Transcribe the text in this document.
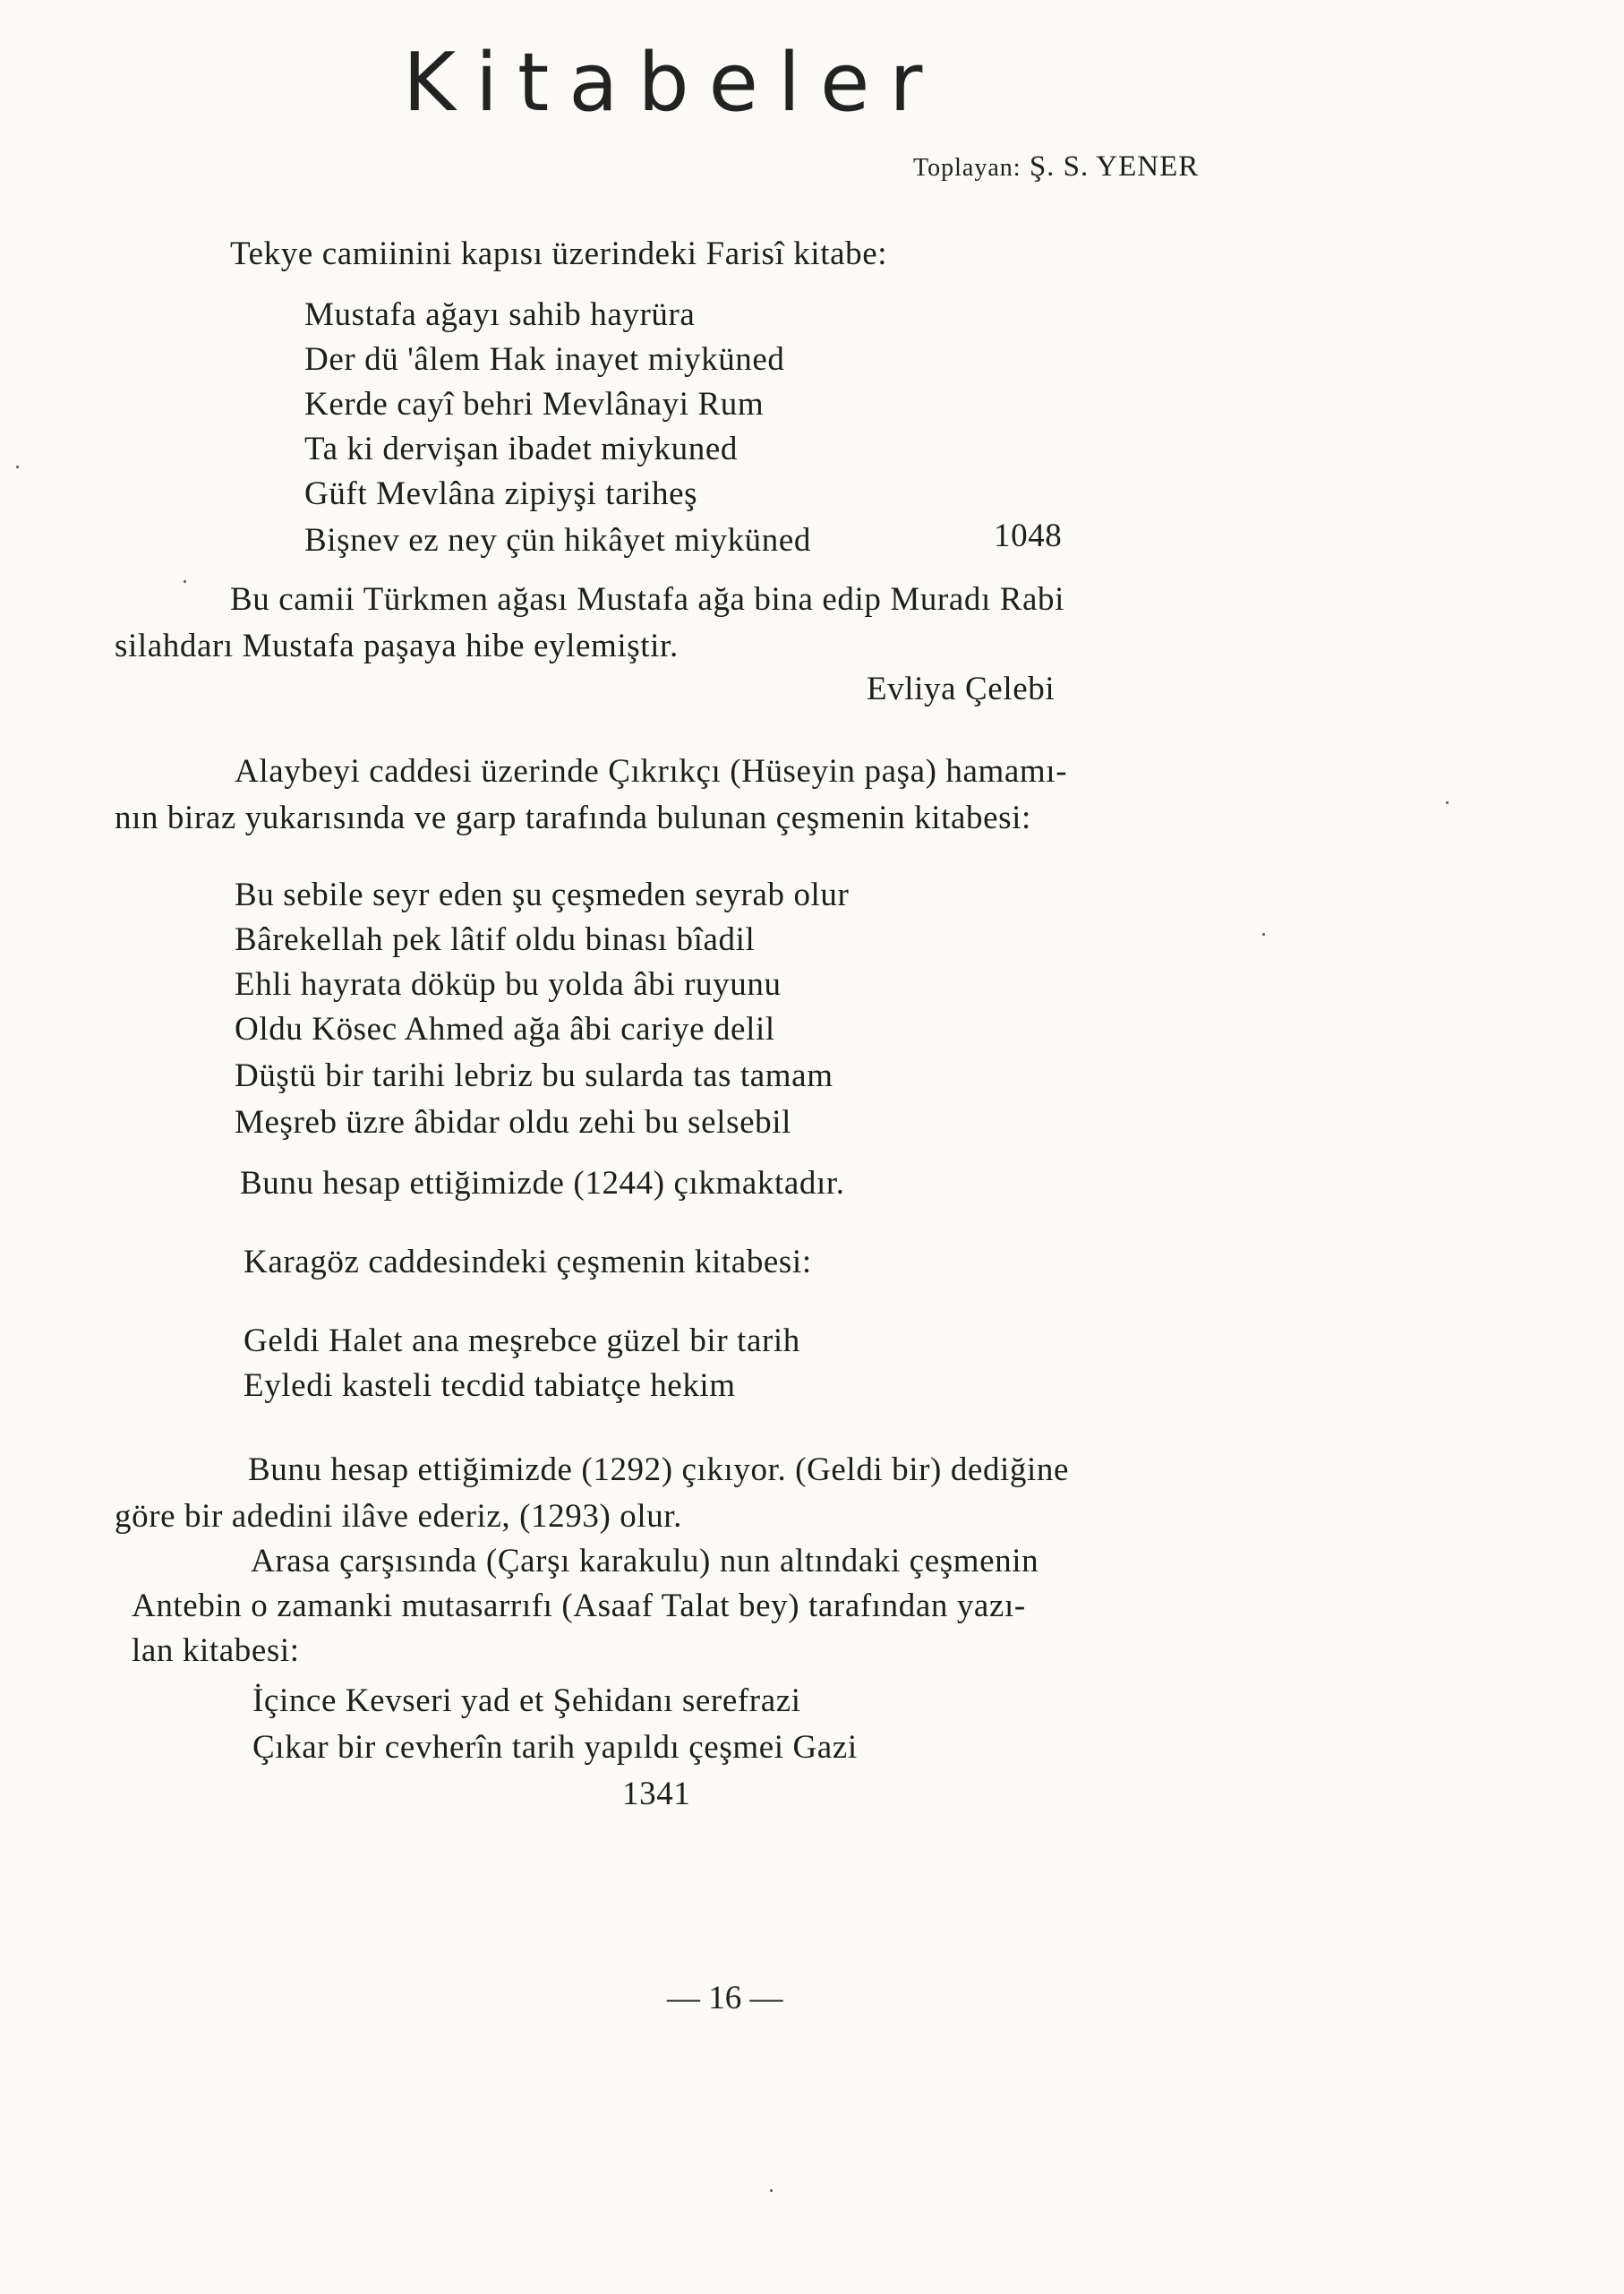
Kitabeler
Toplayan: Ş. S. YENER
Tekye camiinini kapısı üzerindeki Farisî kitabe:
Mustafa ağayı sahib hayrüra
Der dü 'âlem Hak inayet miyküned
Kerde cayî behri Mevlânayi Rum
Ta ki dervişan ibadet miykuned
Güft Mevlâna zipiyşi tariheş
Bişnev ez ney çün hikâyet miyküned	1048
Bu camii Türkmen ağası Mustafa ağa bina edip Muradı Rabi
silahdarı Mustafa paşaya hibe eylemiştir.
Evliya Çelebi
Alaybeyi caddesi üzerinde Çıkrıkçı (Hüseyin paşa) hamamı-
nın biraz yukarısında ve garp tarafında bulunan çeşmenin kitabesi:
Bu sebile seyr eden şu çeşmeden seyrab olur
Bârekellah pek lâtif oldu binası bîadil
Ehli hayrata döküp bu yolda âbi ruyunu
Oldu Kösec Ahmed ağa âbi cariye delil
Düştü bir tarihi lebriz bu sularda tas tamam
Meşreb üzre âbidar oldu zehi bu selsebil
Bunu hesap ettiğimizde (1244) çıkmaktadır.
Karagöz caddesindeki çeşmenin kitabesi:
Geldi Halet ana meşrebce güzel bir tarih
Eyledi kasteli tecdid tabiatçe hekim
Bunu hesap ettiğimizde (1292) çıkıyor. (Geldi bir) dediğine
göre bir adedini ilâve ederiz, (1293) olur.
Arasa çarşısında (Çarşı karakulu) nun altındaki çeşmenin
Antebin o zamanki mutasarrıfı (Asaaf Talat bey) tarafından yazı-
lan kitabesi:
İçince Kevseri yad et Şehidanı serefrazi
Çıkar bir cevherîn tarih yapıldı çeşmei Gazi
1341
— 16 —
